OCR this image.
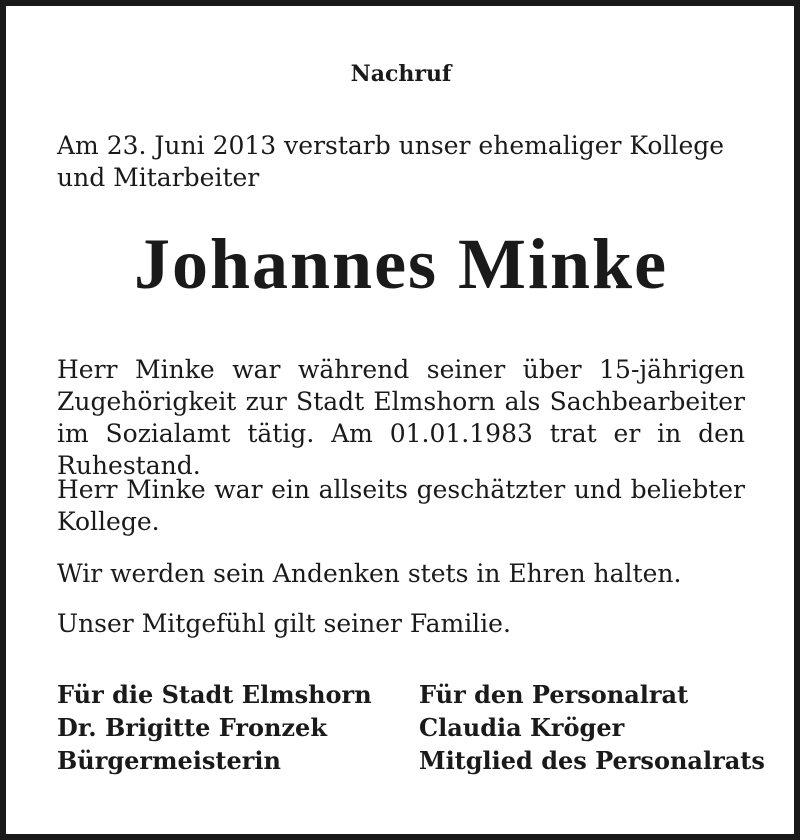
Nachruf
Am 23. Juni 2013 verstarb unser ehemaliger Kollege und Mitarbeiter
Johannes Minke
Herr Minke war während seiner über 15-jährigen Zugehörigkeit zur Stadt Elmshorn als Sachbearbeiter im Sozialamt tätig. Am 01.01.1983 trat er in den Ruhestand.
Herr Minke war ein allseits geschätzter und beliebter Kollege.
Wir werden sein Andenken stets in Ehren halten.
Unser Mitgefühl gilt seiner Familie.
Für die Stadt Elmshorn
Dr. Brigitte Fronzek
Bürgermeisterin
Für den Personalrat
Claudia Kröger
Mitglied des Personalrats
